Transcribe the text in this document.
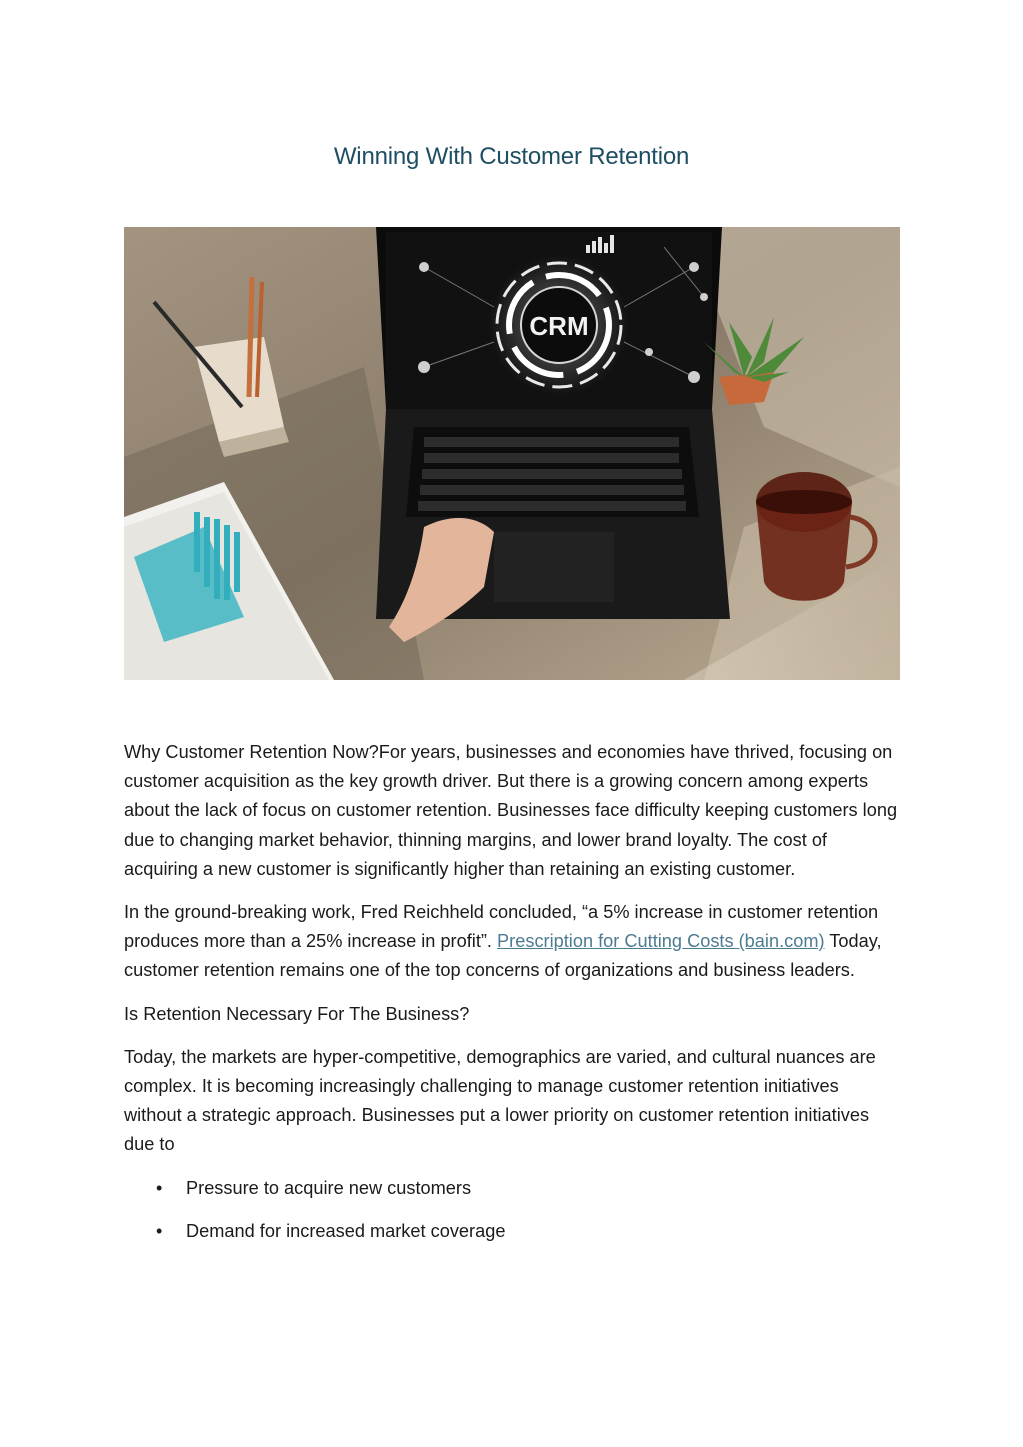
Winning With Customer Retention
CRM

Why Customer Retention Now?For years, businesses and economies have thrived, focusing on customer acquisition as the key growth driver. But there is a growing concern among experts about the lack of focus on customer retention. Businesses face difficulty keeping customers long due to changing market behavior, thinning margins, and lower brand loyalty. The cost of acquiring a new customer is significantly higher than retaining an existing customer.

In the ground-breaking work, Fred Reichheld concluded, “a 5% increase in customer retention produces more than a 25% increase in profit”. Prescription for Cutting Costs (bain.com) Today, customer retention remains one of the top concerns of organizations and business leaders.

Is Retention Necessary For The Business?

Today, the markets are hyper-competitive, demographics are varied, and cultural nuances are complex. It is becoming increasingly challenging to manage customer retention initiatives without a strategic approach. Businesses put a lower priority on customer retention initiatives due to

• Pressure to acquire new customers
• Demand for increased market coverage
